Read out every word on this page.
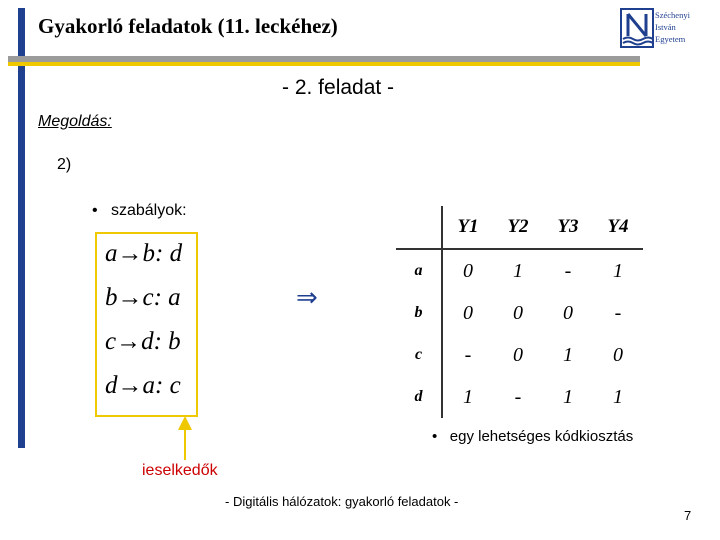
Gyakorló feladatok (11. leckéhez)	Széchenyi
István
Egyetem
- 2. feladat -
Megoldás:
2)
•   szabályok:
a→b: d
b→c: a
c→d: b
d→a: c
⇒
	Y1	Y2	Y3	Y4
a	0	1	-	1
b	0	0	0	-
c	-	0	1	0
d	1	-	1	1
ieselkedők
•   egy lehetséges kódkiosztás
- Digitális hálózatok: gyakorló feladatok -
7
